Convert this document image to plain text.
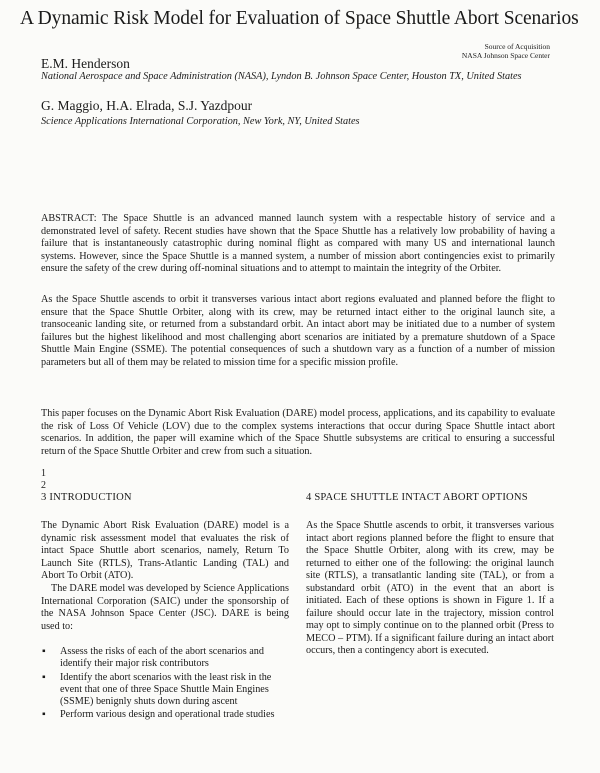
A Dynamic Risk Model for Evaluation of Space Shuttle Abort Scenarios
Source of Acquisition
NASA Johnson Space Center
E.M. Henderson
National Aerospace and Space Administration (NASA), Lyndon B. Johnson Space Center, Houston TX, United States
G. Maggio, H.A. Elrada, S.J. Yazdpour
Science Applications International Corporation, New York, NY, United States
ABSTRACT: The Space Shuttle is an advanced manned launch system with a respectable history of service and a demonstrated level of safety. Recent studies have shown that the Space Shuttle has a relatively low probability of having a failure that is instantaneously catastrophic during nominal flight as compared with many US and international launch systems. However, since the Space Shuttle is a manned system, a number of mission abort contingencies exist to primarily ensure the safety of the crew during off-nominal situations and to attempt to maintain the integrity of the Orbiter.
As the Space Shuttle ascends to orbit it transverses various intact abort regions evaluated and planned before the flight to ensure that the Space Shuttle Orbiter, along with its crew, may be returned intact either to the original launch site, a transoceanic landing site, or returned from a substandard orbit. An intact abort may be initiated due to a number of system failures but the highest likelihood and most challenging abort scenarios are initiated by a premature shutdown of a Space Shuttle Main Engine (SSME). The potential consequences of such a shutdown vary as a function of a number of mission parameters but all of them may be related to mission time for a specific mission profile.
This paper focuses on the Dynamic Abort Risk Evaluation (DARE) model process, applications, and its capability to evaluate the risk of Loss Of Vehicle (LOV) due to the complex systems interactions that occur during Space Shuttle intact abort scenarios. In addition, the paper will examine which of the Space Shuttle subsystems are critical to ensuring a successful return of the Space Shuttle Orbiter and crew from such a situation.
1
2
3 INTRODUCTION	4 SPACE SHUTTLE INTACT ABORT OPTIONS
The Dynamic Abort Risk Evaluation (DARE) model is a dynamic risk assessment model that evaluates the risk of intact Space Shuttle abort scenarios, namely, Return To Launch Site (RTLS), Trans-Atlantic Landing (TAL) and Abort To Orbit (ATO).
The DARE model was developed by Science Applications International Corporation (SAIC) under the sponsorship of the NASA Johnson Space Center (JSC). DARE is being used to:
▪ Assess the risks of each of the abort scenarios and identify their major risk contributors
▪ Identify the abort scenarios with the least risk in the event that one of three Space Shuttle Main Engines (SSME) benignly shuts down during ascent
▪ Perform various design and operational trade studies
As the Space Shuttle ascends to orbit, it transverses various intact abort regions planned before the flight to ensure that the Space Shuttle Orbiter, along with its crew, may be returned to either one of the following: the original launch site (RTLS), a transatlantic landing site (TAL), or from a substandard orbit (ATO) in the event that an abort is initiated. Each of these options is shown in Figure 1. If a failure should occur late in the trajectory, mission control may opt to simply continue on to the planned orbit (Press to MECO – PTM). If a significant failure during an intact abort occurs, then a contingency abort is executed.
